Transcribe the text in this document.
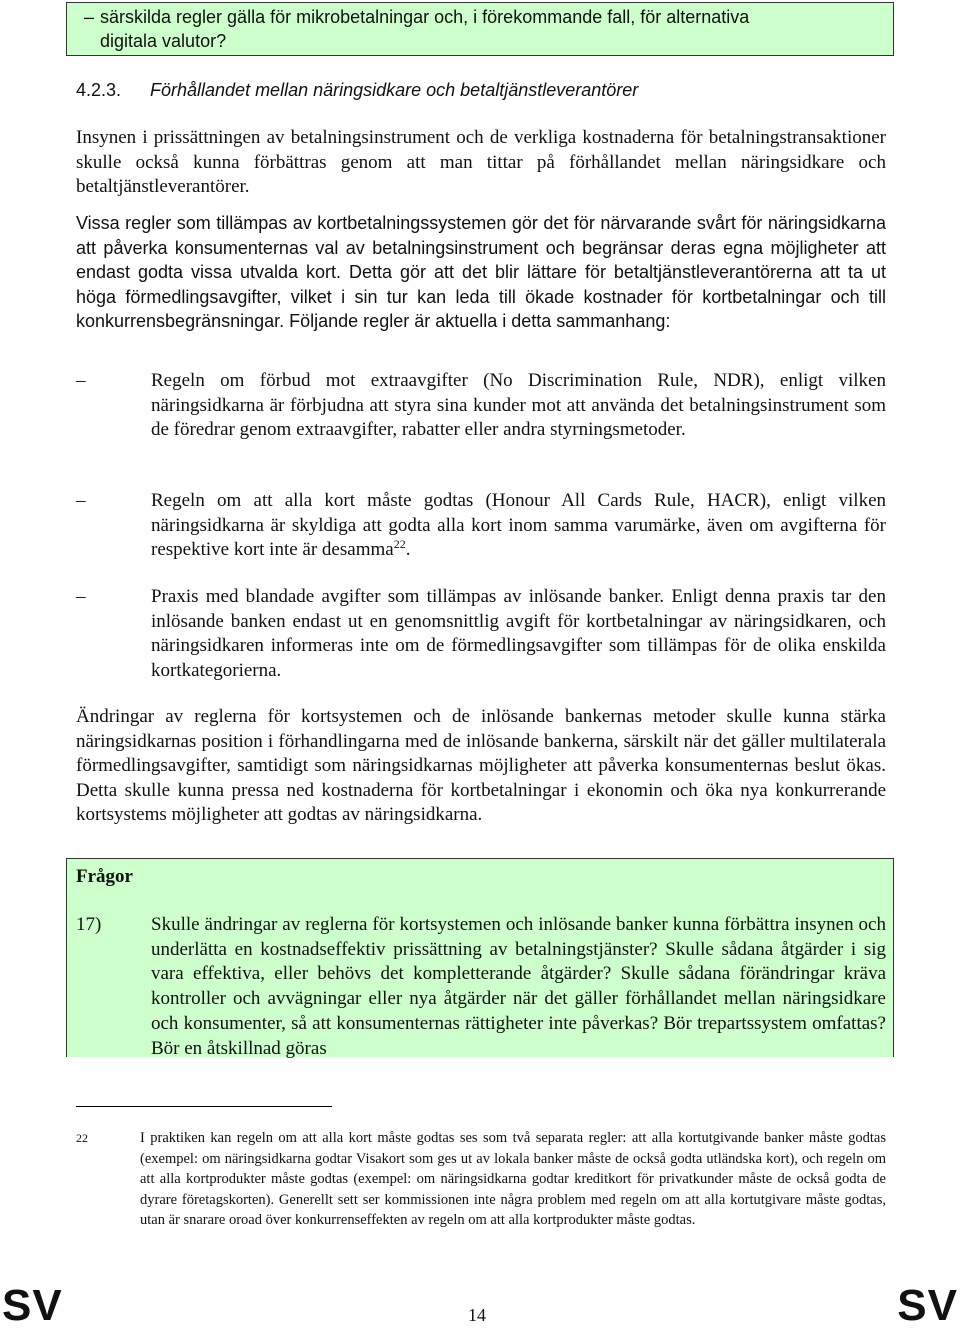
– särskilda regler gälla för mikrobetalningar och, i förekommande fall, för alternativa
digitala valutor?
4.2.3. Förhållandet mellan näringsidkare och betaltjänstleverantörer

Insynen i prissättningen av betalningsinstrument och de verkliga kostnaderna för betalningstransaktioner skulle också kunna förbättras genom att man tittar på förhållandet mellan näringsidkare och betaltjänstleverantörer.

Vissa regler som tillämpas av kortbetalningssystemen gör det för närvarande svårt för näringsidkarna att påverka konsumenternas val av betalningsinstrument och begränsar deras egna möjligheter att endast godta vissa utvalda kort. Detta gör att det blir lättare för betaltjänstleverantörerna att ta ut höga förmedlingsavgifter, vilket i sin tur kan leda till ökade kostnader för kortbetalningar och till konkurrensbegränsningar. Följande regler är aktuella i detta sammanhang:

–	Regeln om förbud mot extraavgifter (No Discrimination Rule, NDR), enligt vilken näringsidkarna är förbjudna att styra sina kunder mot att använda det betalningsinstrument som de föredrar genom extraavgifter, rabatter eller andra styrningsmetoder.
–	Regeln om att alla kort måste godtas (Honour All Cards Rule, HACR), enligt vilken näringsidkarna är skyldiga att godta alla kort inom samma varumärke, även om avgifterna för respektive kort inte är desamma$^{22}$.
–	Praxis med blandade avgifter som tillämpas av inlösande banker. Enligt denna praxis tar den inlösande banken endast ut en genomsnittlig avgift för kortbetalningar av näringsidkaren, och näringsidkaren informeras inte om de förmedlingsavgifter som tillämpas för de olika enskilda kortkategorierna.

Ändringar av reglerna för kortsystemen och de inlösande bankernas metoder skulle kunna stärka näringsidkarnas position i förhandlingarna med de inlösande bankerna, särskilt när det gäller multilaterala förmedlingsavgifter, samtidigt som näringsidkarnas möjligheter att påverka konsumenternas beslut ökas. Detta skulle kunna pressa ned kostnaderna för kortbetalningar i ekonomin och öka nya konkurrerande kortsystems möjligheter att godtas av näringsidkarna.

Frågor
17)	Skulle ändringar av reglerna för kortsystemen och inlösande banker kunna förbättra insynen och underlätta en kostnadseffektiv prissättning av betalningstjänster? Skulle sådana åtgärder i sig vara effektiva, eller behövs det kompletterande åtgärder? Skulle sådana förändringar kräva kontroller och avvägningar eller nya åtgärder när det gäller förhållandet mellan näringsidkare och konsumenter, så att konsumenternas rättigheter inte påverkas? Bör trepartssystem omfattas? Bör en åtskillnad göras
22	I praktiken kan regeln om att alla kort måste godtas ses som två separata regler: att alla kortutgivande banker måste godtas (exempel: om näringsidkarna godtar Visakort som ges ut av lokala banker måste de också godta utländska kort), och regeln om att alla kortprodukter måste godtas (exempel: om näringsidkarna godtar kreditkort för privatkunder måste de också godta de dyrare företagskorten). Generellt sett ser kommissionen inte några problem med regeln om att alla kortutgivare måste godtas, utan är snarare oroad över konkurrenseffekten av regeln om att alla kortprodukter måste godtas.
SV	14	SV
